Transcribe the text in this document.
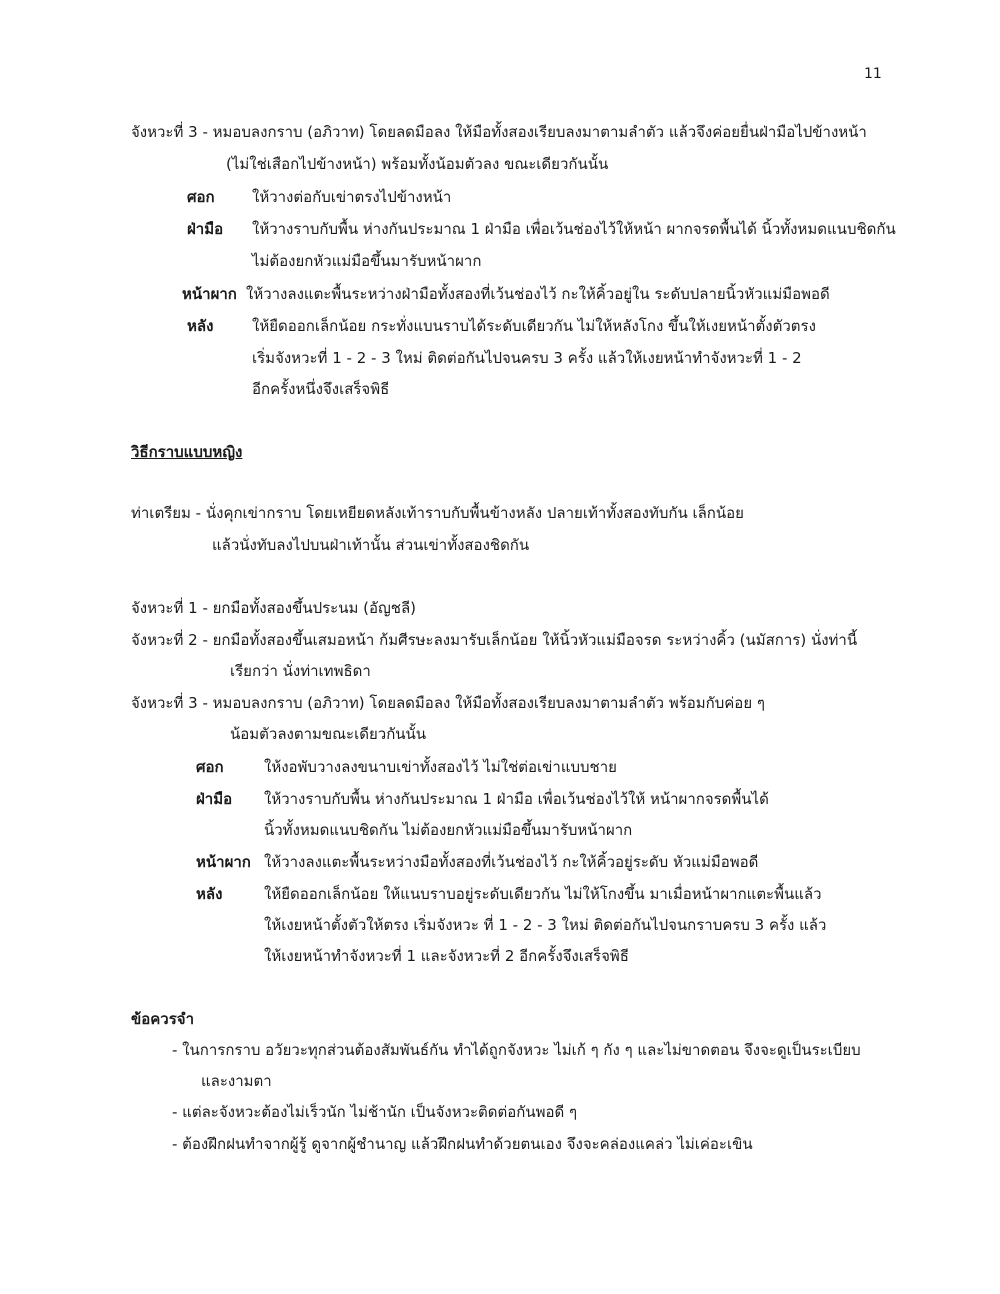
11
จังหวะที่ 3 - หมอบลงกราบ (อภิวาท) โดยลดมือลง ให้มือทั้งสองเรียบลงมาตามลำตัว แล้วจึงค่อยยื่นฝ่ามือไปข้างหน้า
(ไม่ใช่เสือกไปข้างหน้า) พร้อมทั้งน้อมตัวลง ขณะเดียวกันนั้น
ศอก ให้วางต่อกับเข่าตรงไปข้างหน้า
ฝ่ามือ ให้วางราบกับพื้น ห่างกันประมาณ 1 ฝ่ามือ เพื่อเว้นช่องไว้ให้หน้า ผากจรดพื้นได้ นิ้วทั้งหมดแนบชิดกัน
ไม่ต้องยกหัวแม่มือขึ้นมารับหน้าผาก
หน้าผาก ให้วางลงแตะพื้นระหว่างฝ่ามือทั้งสองที่เว้นช่องไว้ กะให้คิ้วอยู่ใน ระดับปลายนิ้วหัวแม่มือพอดี
หลัง	ให้ยืดออกเล็กน้อย กระทั่งแบนราบได้ระดับเดียวกัน ไม่ให้หลังโกง ขึ้นให้เงยหน้าตั้งตัวตรง
เริ่มจังหวะที่ 1 - 2 - 3 ใหม่ ติดต่อกันไปจนครบ 3 ครั้ง แล้วให้เงยหน้าทำจังหวะที่ 1 - 2
อีกครั้งหนึ่งจึงเสร็จพิธี
วิธีกราบแบบหญิง
ท่าเตรียม - นั่งคุกเข่ากราบ โดยเหยียดหลังเท้าราบกับพื้นข้างหลัง ปลายเท้าทั้งสองทับกัน เล็กน้อย
แล้วนั่งทับลงไปบนฝ่าเท้านั้น ส่วนเข่าทั้งสองชิดกัน
จังหวะที่ 1 - ยกมือทั้งสองขึ้นประนม (อัญชลี)
จังหวะที่ 2 - ยกมือทั้งสองขึ้นเสมอหน้า ก้มศีรษะลงมารับเล็กน้อย ให้นิ้วหัวแม่มือจรด ระหว่างคิ้ว (นมัสการ) นั่งท่านี้
เรียกว่า นั่งท่าเทพธิดา
จังหวะที่ 3 - หมอบลงกราบ (อภิวาท) โดยลดมือลง ให้มือทั้งสองเรียบลงมาตามลำตัว พร้อมกับค่อย ๆ
น้อมตัวลงตามขณะเดียวกันนั้น
ศอก	ให้งอพับวางลงขนาบเข่าทั้งสองไว้ ไม่ใช่ต่อเข่าแบบชาย
ฝ่ามือ ให้วางราบกับพื้น ห่างกันประมาณ 1 ฝ่ามือ เพื่อเว้นช่องไว้ให้ หน้าผากจรดพื้นได้
นิ้วทั้งหมดแนบชิดกัน ไม่ต้องยกหัวแม่มือขึ้นมารับหน้าผาก
หน้าผาก ให้วางลงแตะพื้นระหว่างมือทั้งสองที่เว้นช่องไว้ กะให้คิ้วอยู่ระดับ หัวแม่มือพอดี
หลัง	ให้ยืดออกเล็กน้อย ให้แนบราบอยู่ระดับเดียวกัน ไม่ให้โกงขึ้น มาเมื่อหน้าผากแตะพื้นแล้ว
ให้เงยหน้าตั้งตัวให้ตรง เริ่มจังหวะ ที่ 1 - 2 - 3 ใหม่ ติดต่อกันไปจนกราบครบ 3 ครั้ง แล้ว
ให้เงยหน้าทำจังหวะที่ 1 และจังหวะที่ 2 อีกครั้งจึงเสร็จพิธี
ข้อควรจำ
- ในการกราบ อวัยวะทุกส่วนต้องสัมพันธ์กัน ทำได้ถูกจังหวะ ไม่เก้ ๆ กัง ๆ และไม่ขาดตอน จึงจะดูเป็นระเบียบ
และงามตา
- แต่ละจังหวะต้องไม่เร็วนัก ไม่ช้านัก เป็นจังหวะติดต่อกันพอดี ๆ
- ต้องฝึกฝนทำจากผู้รู้ ดูจากผู้ชำนาญ แล้วฝึกฝนทำด้วยตนเอง จึงจะคล่องแคล่ว ไม่เค่อะเขิน
